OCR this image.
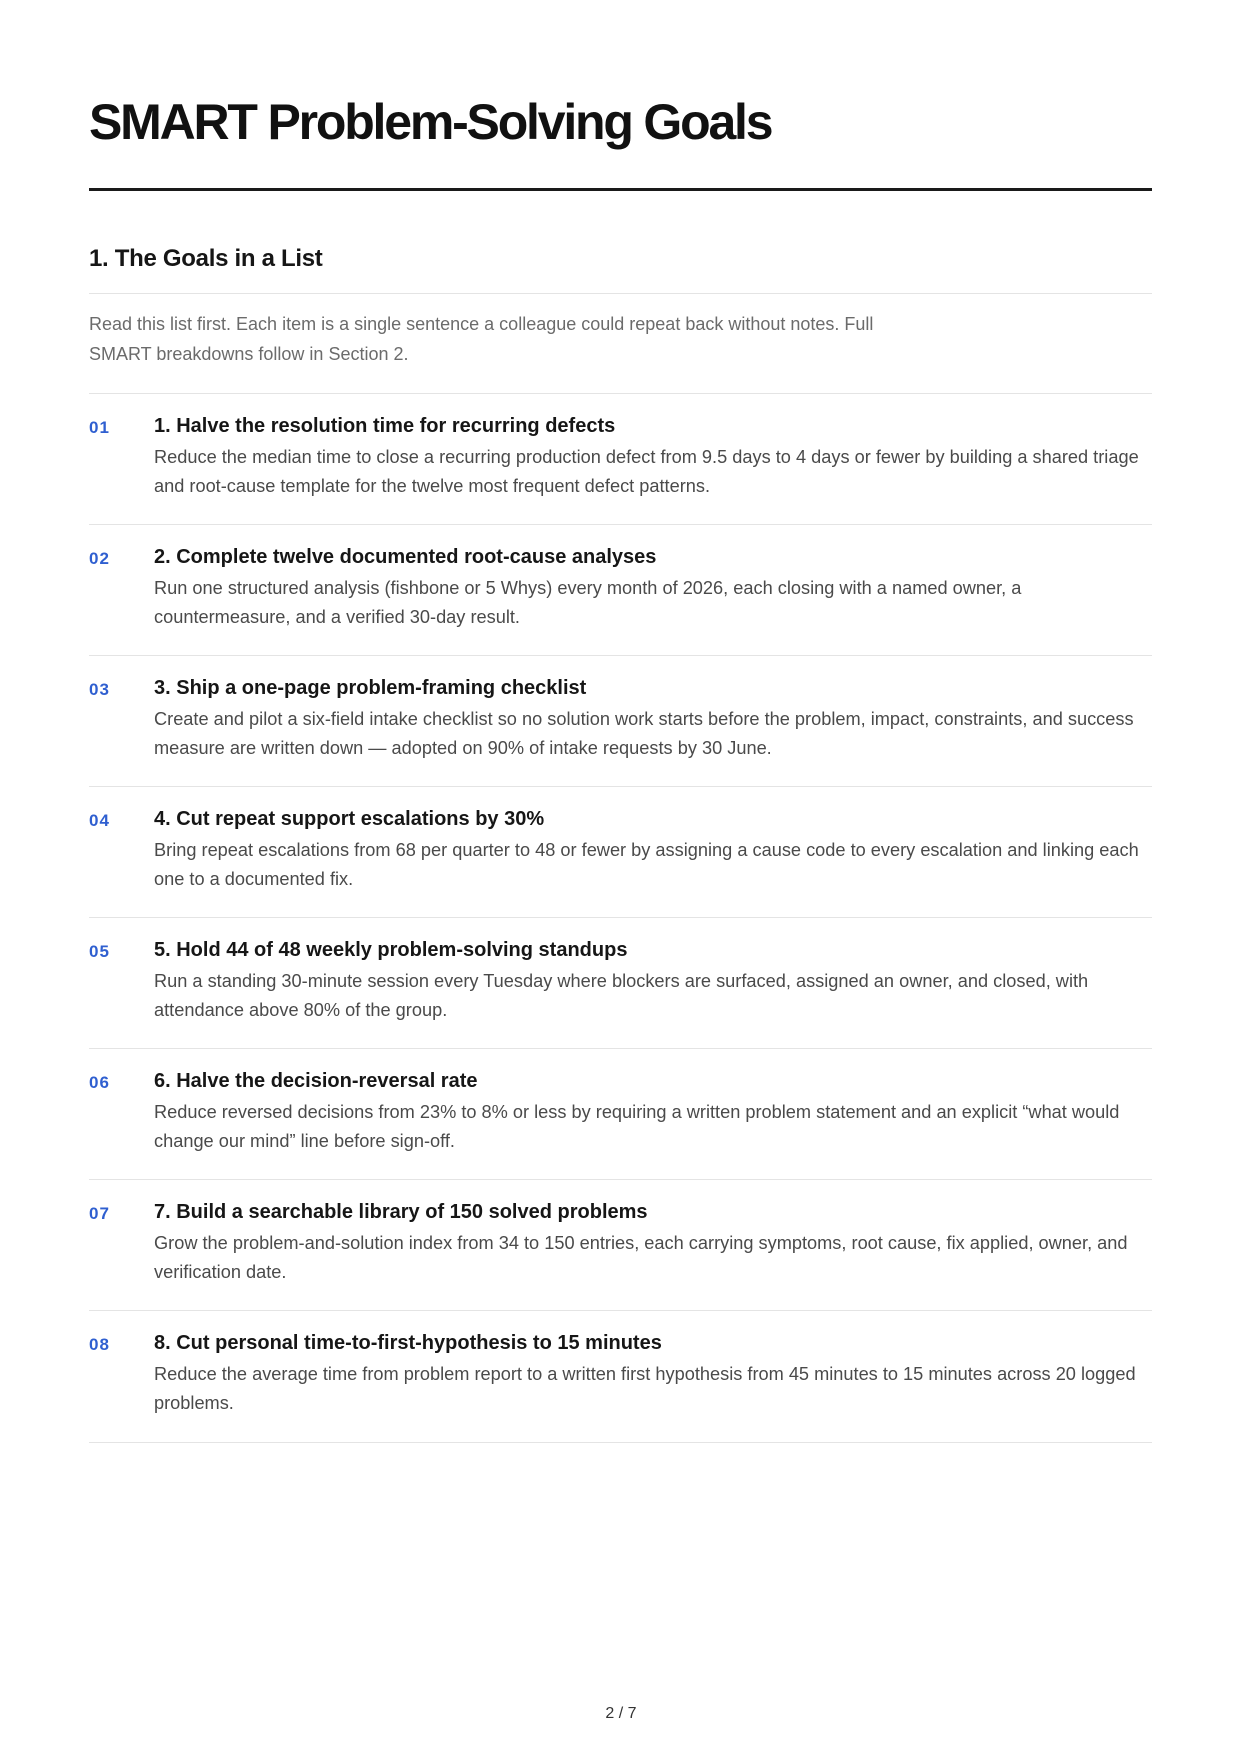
SMART Problem-Solving Goals
1. The Goals in a List

Read this list first. Each item is a single sentence a colleague could repeat back without notes. Full SMART breakdowns follow in Section 2.

01 1. Halve the resolution time for recurring defects

Reduce the median time to close a recurring production defect from 9.5 days to 4 days or fewer by building a shared triage and root-cause template for the twelve most frequent defect patterns.

02 2. Complete twelve documented root-cause analyses

Run one structured analysis (fishbone or 5 Whys) every month of 2026, each closing with a named owner, a countermeasure, and a verified 30-day result.

03 3. Ship a one-page problem-framing checklist

Create and pilot a six-field intake checklist so no solution work starts before the problem, impact, constraints, and success measure are written down — adopted on 90% of intake requests by 30 June.

04 4. Cut repeat support escalations by 30%

Bring repeat escalations from 68 per quarter to 48 or fewer by assigning a cause code to every escalation and linking each one to a documented fix.

05 5. Hold 44 of 48 weekly problem-solving standups

Run a standing 30-minute session every Tuesday where blockers are surfaced, assigned an owner, and closed, with attendance above 80% of the group.

06 6. Halve the decision-reversal rate

Reduce reversed decisions from 23% to 8% or less by requiring a written problem statement and an explicit “what would change our mind” line before sign-off.

07 7. Build a searchable library of 150 solved problems

Grow the problem-and-solution index from 34 to 150 entries, each carrying symptoms, root cause, fix applied, owner, and verification date.

08 8. Cut personal time-to-first-hypothesis to 15 minutes

Reduce the average time from problem report to a written first hypothesis from 45 minutes to 15 minutes across 20 logged problems.

2 / 7
